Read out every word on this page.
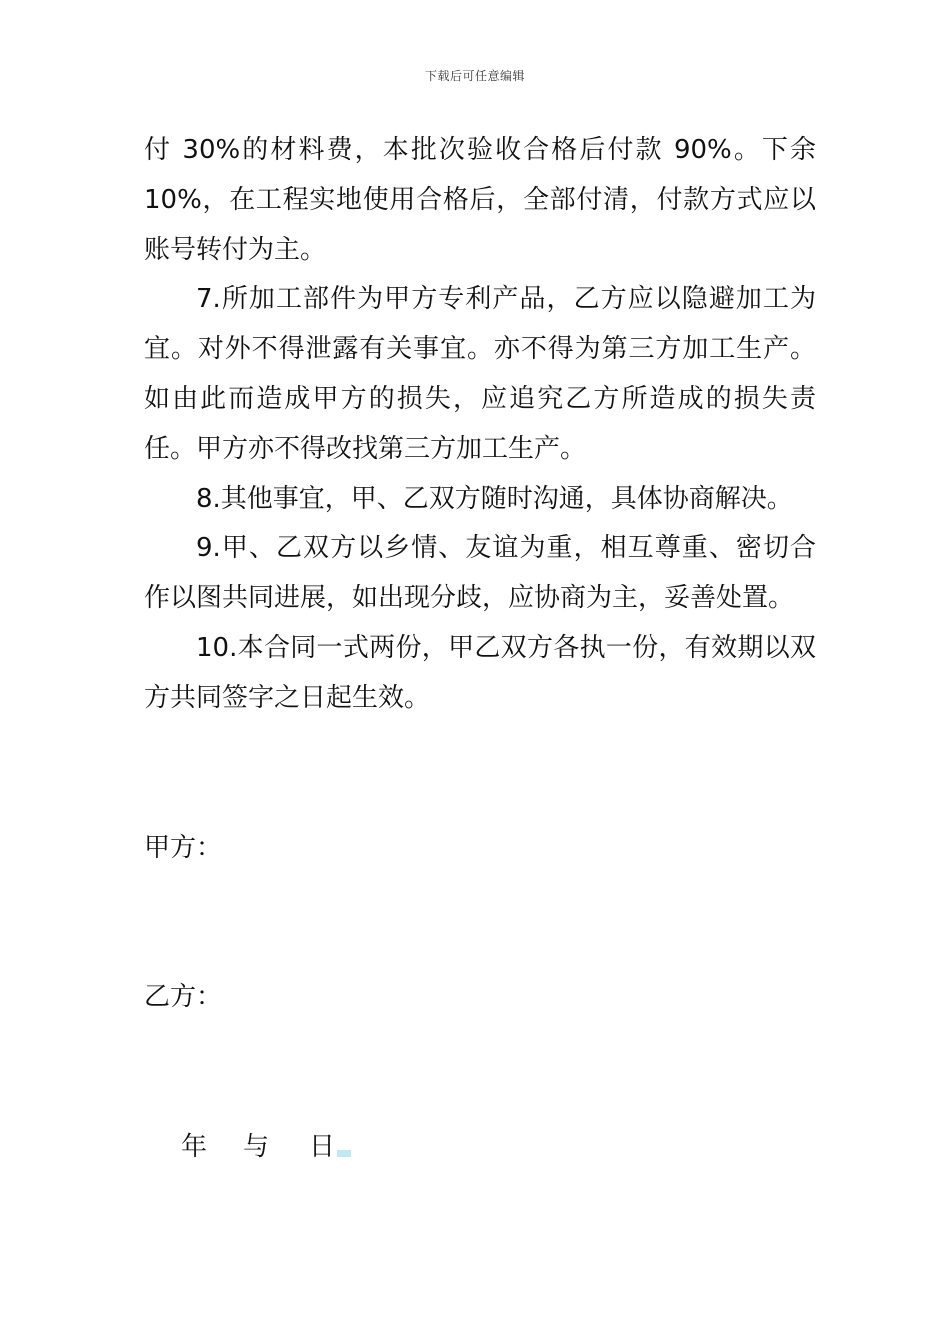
下载后可任意编辑

付 30%的材料费，本批次验收合格后付款 90%。下余 10%，在工程实地使用合格后，全部付清，付款方式应以账号转付为主。

7.所加工部件为甲方专利产品，乙方应以隐避加工为宜。对外不得泄露有关事宜。亦不得为第三方加工生产。如由此而造成甲方的损失，应追究乙方所造成的损失责任。甲方亦不得改找第三方加工生产。

8.其他事宜，甲、乙双方随时沟通，具体协商解决。

9.甲、乙双方以乡情、友谊为重，相互尊重、密切合作以图共同进展，如出现分歧，应协商为主，妥善处置。

10.本合同一式两份，甲乙双方各执一份，有效期以双方共同签字之日起生效。

甲方：
乙方：
年 与 日
